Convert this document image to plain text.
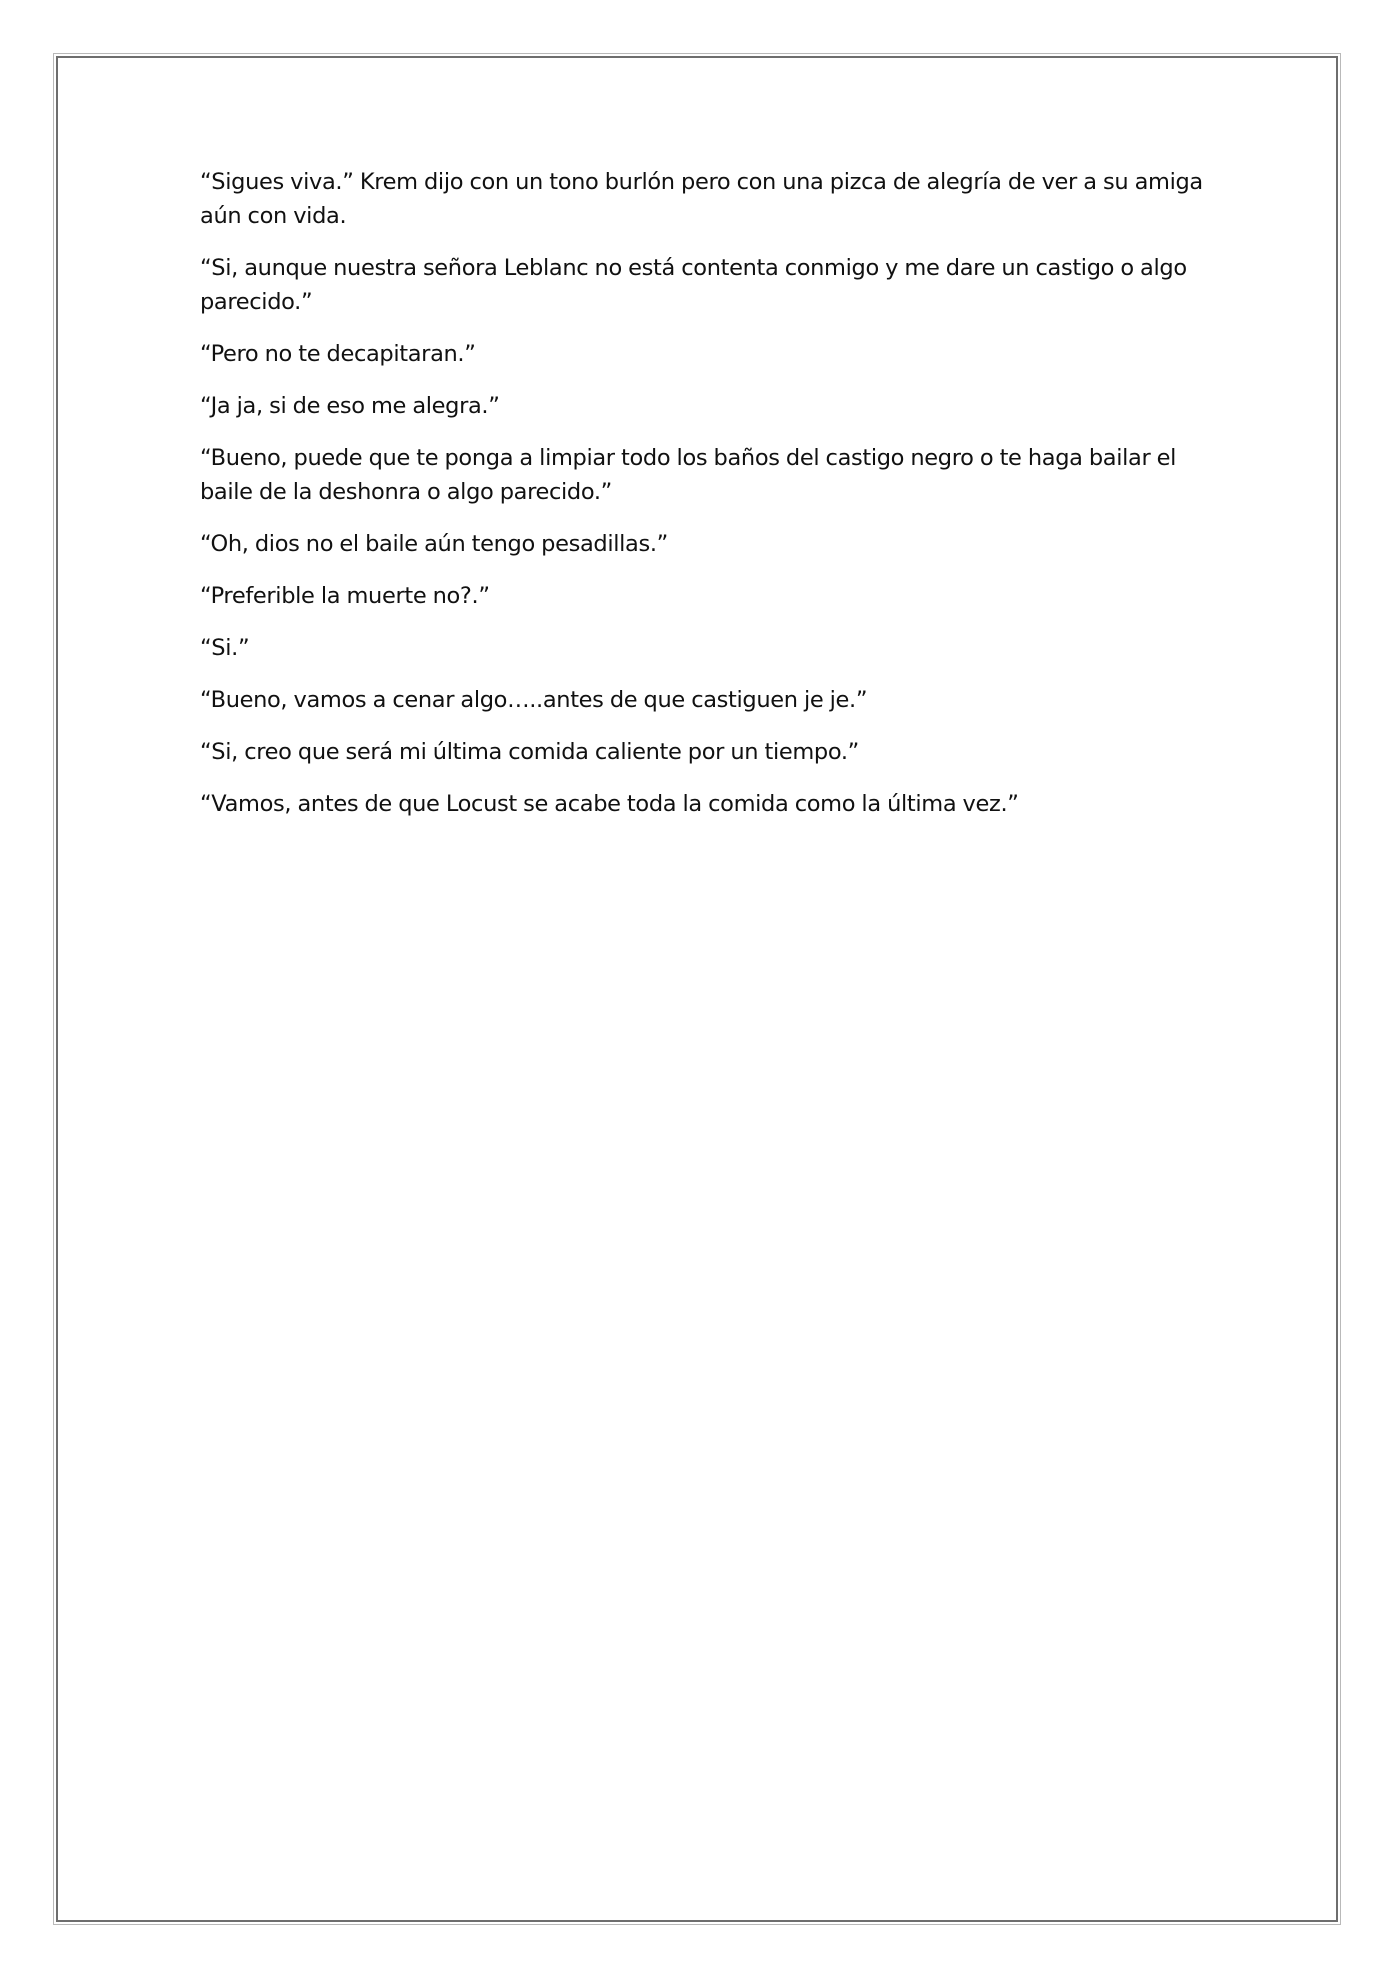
“Sigues viva.” Krem dijo con un tono burlón pero con una pizca de alegría de ver a su amiga aún con vida.

“Si, aunque nuestra señora Leblanc no está contenta conmigo y me dare un castigo o algo parecido.”

“Pero no te decapitaran.”

“Ja ja, si de eso me alegra.”

“Bueno, puede que te ponga a limpiar todo los baños del castigo negro o te haga bailar el baile de la deshonra o algo parecido.”

“Oh, dios no el baile aún tengo pesadillas.”

“Preferible la muerte no?.”

“Si.”

“Bueno, vamos a cenar algo…..antes de que castiguen je je.”

“Si, creo que será mi última comida caliente por un tiempo.”

“Vamos, antes de que Locust se acabe toda la comida como la última vez.”
